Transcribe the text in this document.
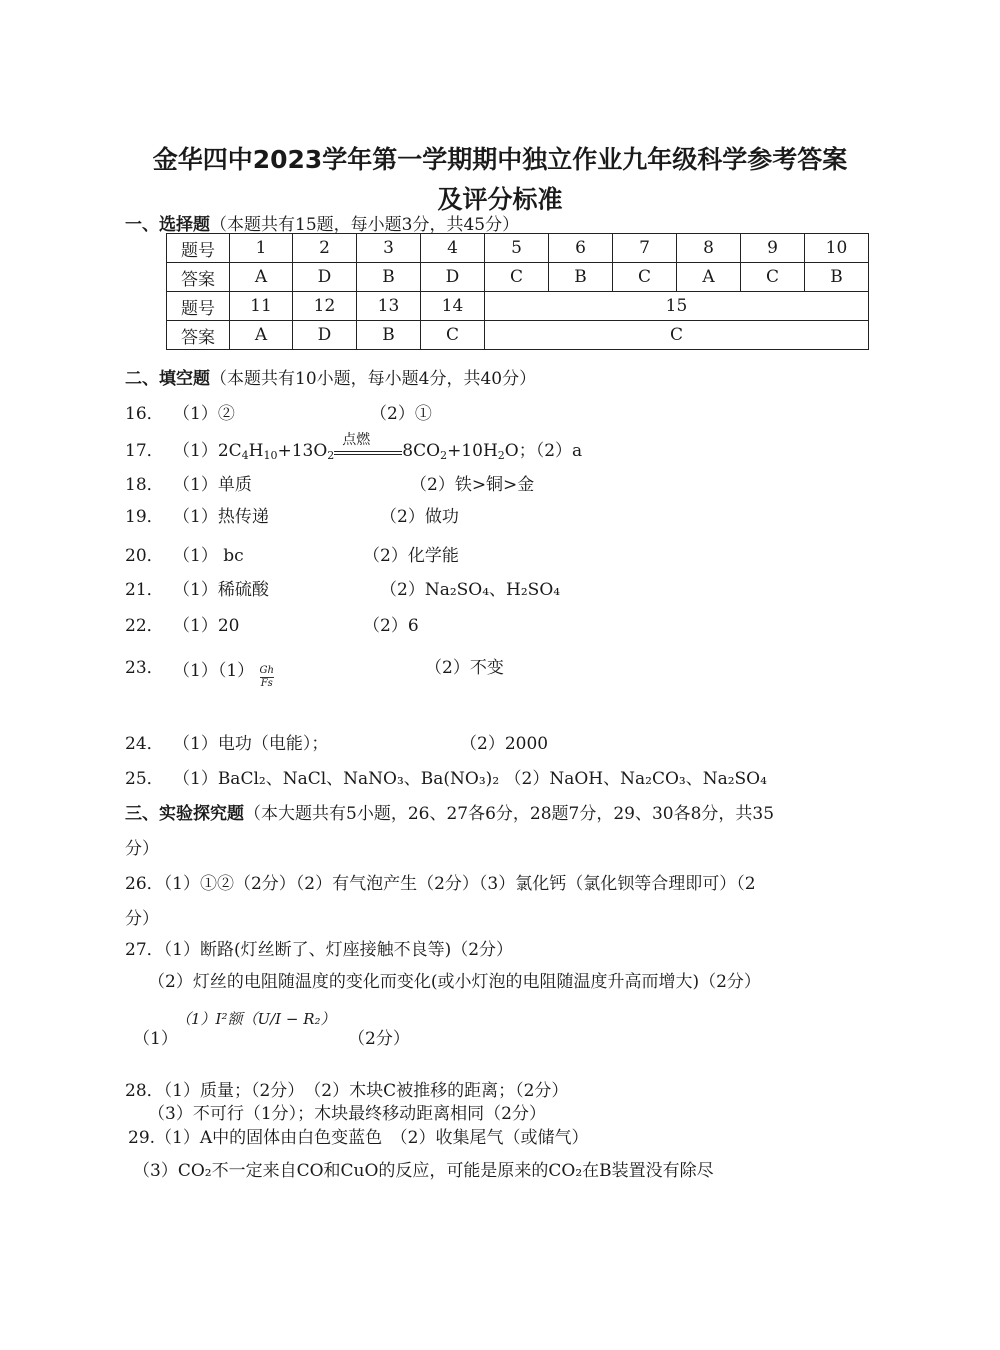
金华四中2023学年第一学期期中独立作业九年级科学参考答案
及评分标准
一、选择题（本题共有15题，每小题3分，共45分）
题号	1	2	3	4	5	6	7	8	9	10
答案	A	D	B	D	C	B	C	A	C	B
题号	11	12	13	14	15					
答案	A	D	B	C	C					
二、填空题（本题共有10小题，每小题4分，共40分）
16． （1）②	（2）①
17． $(1)2C_4H_{10}+13O_2$
点燃
$8CO_2+10H_2O$；（2）a
18． （1）单质	（2）铁>铜>金
19． （1）热传递	（2）做功
20． （1） bc	（2）化学能
21． （1）稀硫酸	（2）Na₂SO₄、H₂SO₄
22． （1）20	（2）6
23． $(1)(1) \frac{Gh}{Fs}$	（2）不变
24． （1）电功（电能）；	（2）2000
25． （1）BaCl₂、NaCl、NaNO₃、Ba(NO₃)₂ （2）NaOH、Na₂CO₃、Na₂SO₄
三、实验探究题（本大题共有5小题，26、27各6分，28题7分，29、30各8分，共35
分）
26．（1）①②（2分）（2）有气泡产生（2分）（3）氯化钙（氯化钡等合理即可）（2
分）
27．（1）断路(灯丝断了、灯座接触不良等)（2分）
（2）灯丝的电阻随温度的变化而变化(或小灯泡的电阻随温度升高而增大)（2分）
（1）
（1）I²额（U/I − R₂）
（2分）
28．（1）质量；（2分）　（2）木块C被推移的距离；（2分）
（3）不可行（1分）；木块最终移动距离相同（2分）
29.（1）A中的固体由白色变蓝色　（2）收集尾气（或储气）
（3）CO₂不一定来自CO和CuO的反应，可能是原来的CO₂在B装置没有除尽
